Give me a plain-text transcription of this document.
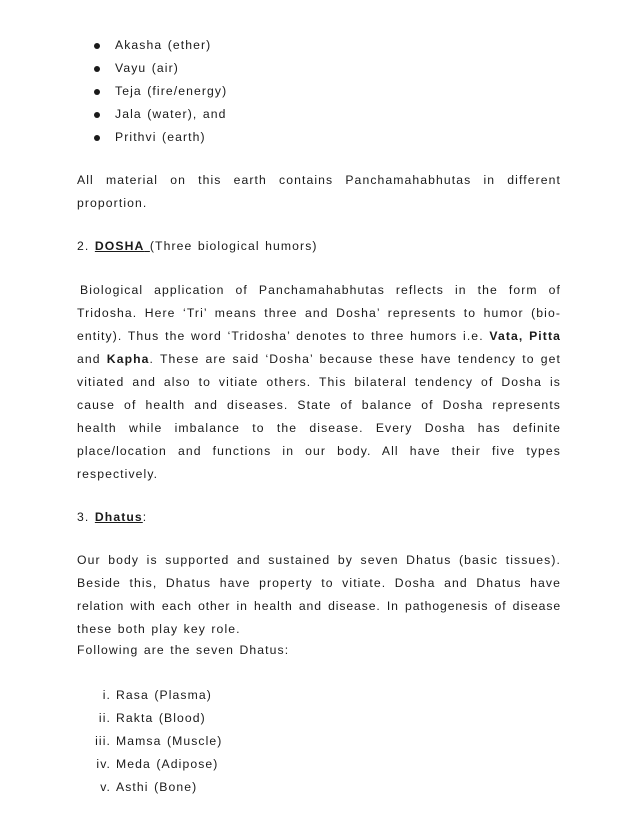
Akasha (ether)
Vayu (air)
Teja (fire/energy)
Jala (water), and
Prithvi (earth)
All material on this earth contains Panchamahabhutas in different
proportion.
2. DOSHA (Three biological humors)
Biological application of Panchamahabhutas reflects in the form of
Tridosha. Here ‘Tri’ means three and Dosha’ represents to humor (bio-
entity). Thus the word ‘Tridosha’ denotes to three humors i.e. Vata, Pitta
and Kapha. These are said ‘Dosha’ because these have tendency to get
vitiated and also to vitiate others. This bilateral tendency of Dosha is
cause of health and diseases. State of balance of Dosha represents
health while imbalance to the disease. Every Dosha has definite
place/location and functions in our body. All have their five types
respectively.
3. Dhatus:
Our body is supported and sustained by seven Dhatus (basic tissues).
Beside this, Dhatus have property to vitiate. Dosha and Dhatus have
relation with each other in health and disease. In pathogenesis of disease
these both play key role.
Following are the seven Dhatus:
i. Rasa (Plasma)
ii. Rakta (Blood)
iii. Mamsa (Muscle)
iv. Meda (Adipose)
v. Asthi (Bone)
